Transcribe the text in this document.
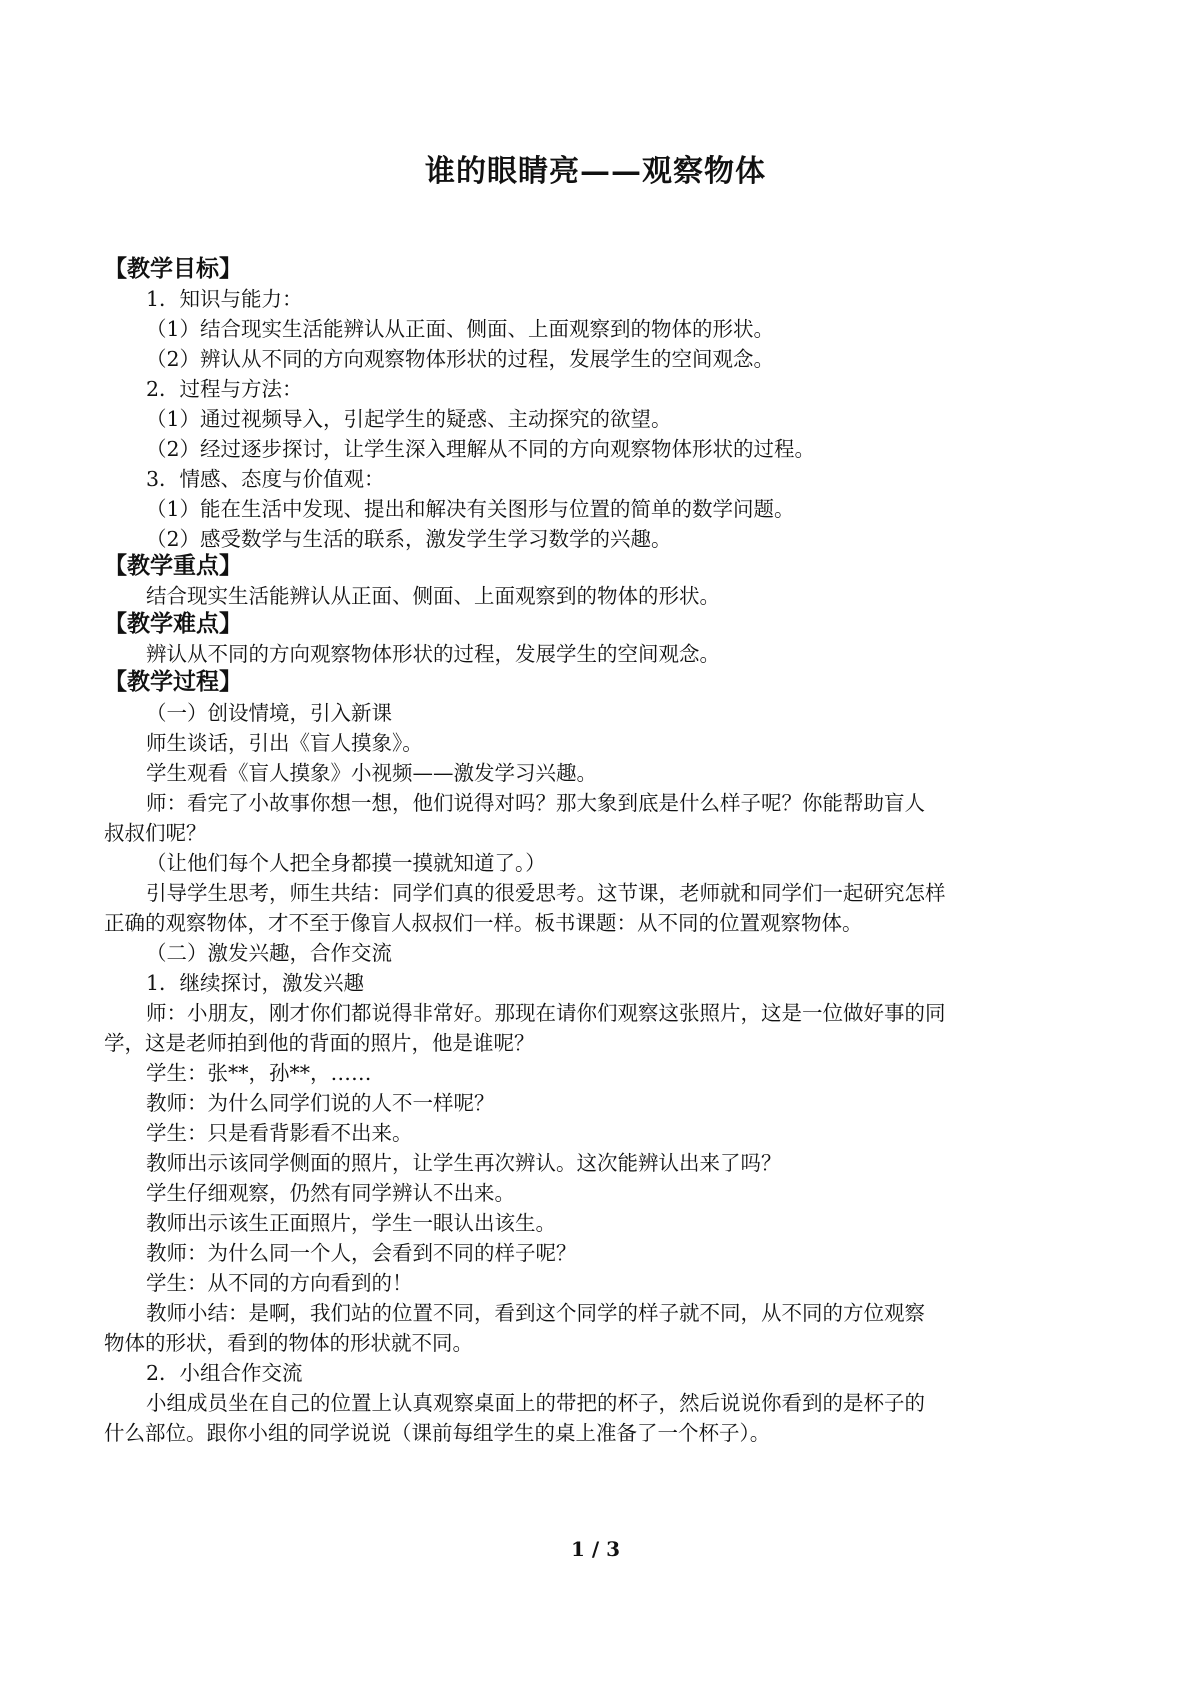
谁的眼睛亮——观察物体
【教学目标】
1．知识与能力：
（1）结合现实生活能辨认从正面、侧面、上面观察到的物体的形状。
（2）辨认从不同的方向观察物体形状的过程，发展学生的空间观念。
2．过程与方法：
（1）通过视频导入，引起学生的疑惑、主动探究的欲望。
（2）经过逐步探讨，让学生深入理解从不同的方向观察物体形状的过程。
3．情感、态度与价值观：
（1）能在生活中发现、提出和解决有关图形与位置的简单的数学问题。
（2）感受数学与生活的联系，激发学生学习数学的兴趣。
【教学重点】
结合现实生活能辨认从正面、侧面、上面观察到的物体的形状。
【教学难点】
辨认从不同的方向观察物体形状的过程，发展学生的空间观念。
【教学过程】
（一）创设情境，引入新课
师生谈话，引出《盲人摸象》。
学生观看《盲人摸象》小视频——激发学习兴趣。
师：看完了小故事你想一想，他们说得对吗？那大象到底是什么样子呢？你能帮助盲人
叔叔们呢？
（让他们每个人把全身都摸一摸就知道了。）
引导学生思考，师生共结：同学们真的很爱思考。这节课，老师就和同学们一起研究怎样
正确的观察物体，才不至于像盲人叔叔们一样。板书课题：从不同的位置观察物体。
（二）激发兴趣，合作交流
1．继续探讨，激发兴趣
师：小朋友，刚才你们都说得非常好。那现在请你们观察这张照片，这是一位做好事的同
学，这是老师拍到他的背面的照片，他是谁呢？
学生：张**，孙**，……
教师：为什么同学们说的人不一样呢？
学生：只是看背影看不出来。
教师出示该同学侧面的照片，让学生再次辨认。这次能辨认出来了吗？
学生仔细观察，仍然有同学辨认不出来。
教师出示该生正面照片，学生一眼认出该生。
教师：为什么同一个人，会看到不同的样子呢？
学生：从不同的方向看到的！
教师小结：是啊，我们站的位置不同，看到这个同学的样子就不同，从不同的方位观察
物体的形状，看到的物体的形状就不同。
2．小组合作交流
小组成员坐在自己的位置上认真观察桌面上的带把的杯子，然后说说你看到的是杯子的
什么部位。跟你小组的同学说说（课前每组学生的桌上准备了一个杯子）。
1 / 3
